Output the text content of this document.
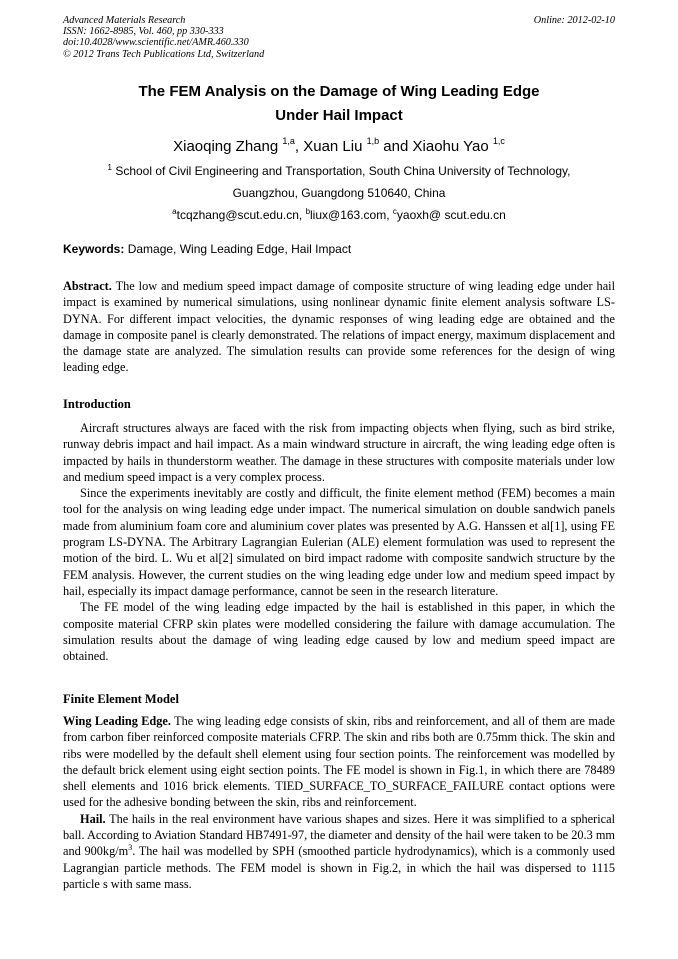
Advanced Materials Research
ISSN: 1662-8985, Vol. 460, pp 330-333
doi:10.4028/www.scientific.net/AMR.460.330
© 2012 Trans Tech Publications Ltd, Switzerland
Online: 2012-02-10
The FEM Analysis on the Damage of Wing Leading Edge
Under Hail Impact
Xiaoqing Zhang $^{1,a}$, Xuan Liu $^{1,b}$ and Xiaohu Yao $^{1,c}$
$^1$ School of Civil Engineering and Transportation, South China University of Technology,
Guangzhou, Guangdong 510640, China
$^a$tcqzhang@scut.edu.cn, $^b$liux@163.com, $^c$yaoxh@ scut.edu.cn
Keywords: Damage, Wing Leading Edge, Hail Impact

Abstract. The low and medium speed impact damage of composite structure of wing leading edge under hail impact is examined by numerical simulations, using nonlinear dynamic finite element analysis software LS-DYNA. For different impact velocities, the dynamic responses of wing leading edge are obtained and the damage in composite panel is clearly demonstrated. The relations of impact energy, maximum displacement and the damage state are analyzed. The simulation results can provide some references for the design of wing leading edge.

Introduction

Aircraft structures always are faced with the risk from impacting objects when flying, such as bird strike, runway debris impact and hail impact. As a main windward structure in aircraft, the wing leading edge often is impacted by hails in thunderstorm weather. The damage in these structures with composite materials under low and medium speed impact is a very complex process.

Since the experiments inevitably are costly and difficult, the finite element method (FEM) becomes a main tool for the analysis on wing leading edge under impact. The numerical simulation on double sandwich panels made from aluminium foam core and aluminium cover plates was presented by A.G. Hanssen et al[1], using FE program LS-DYNA. The Arbitrary Lagrangian Eulerian (ALE) element formulation was used to represent the motion of the bird. L. Wu et al[2] simulated on bird impact radome with composite sandwich structure by the FEM analysis. However, the current studies on the wing leading edge under low and medium speed impact by hail, especially its impact damage performance, cannot be seen in the research literature.

The FE model of the wing leading edge impacted by the hail is established in this paper, in which the composite material CFRP skin plates were modelled considering the failure with damage accumulation. The simulation results about the damage of wing leading edge caused by low and medium speed impact are obtained.

Finite Element Model

Wing Leading Edge. The wing leading edge consists of skin, ribs and reinforcement, and all of them are made from carbon fiber reinforced composite materials CFRP. The skin and ribs both are 0.75mm thick. The skin and ribs were modelled by the default shell element using four section points. The reinforcement was modelled by the default brick element using eight section points. The FE model is shown in Fig.1, in which there are 78489 shell elements and 1016 brick elements. TIED_SURFACE_TO_SURFACE_FAILURE contact options were used for the adhesive bonding between the skin, ribs and reinforcement.

Hail. The hails in the real environment have various shapes and sizes. Here it was simplified to a spherical ball. According to Aviation Standard HB7491-97, the diameter and density of the hail were taken to be 20.3 mm and $900kg/m^3$. The hail was modelled by SPH (smoothed particle hydrodynamics), which is a commonly used Lagrangian particle methods. The FEM model is shown in Fig.2, in which the hail was dispersed to 1115 particle s with same mass.
